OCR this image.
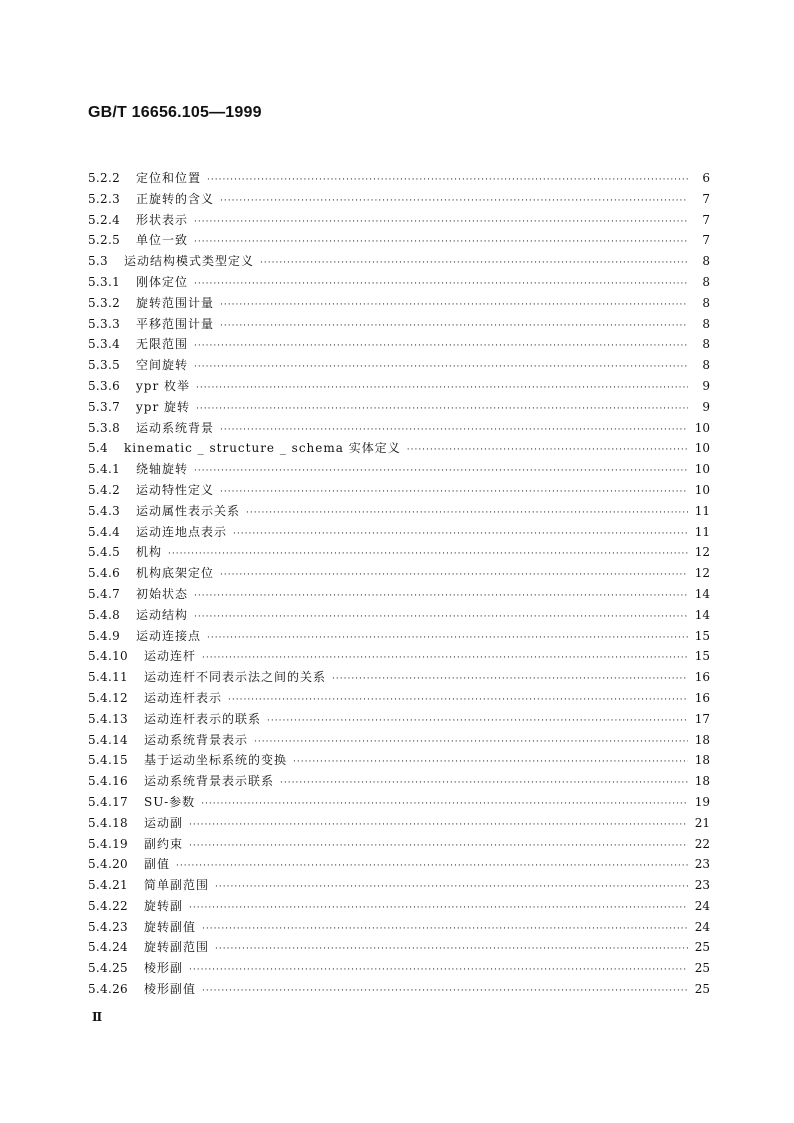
GB/T 16656.105—1999
5.2.2	定位和位置 ·····	6
5.2.3	正旋转的含义 ·····	7
5.2.4	形状表示 ·····	7
5.2.5	单位一致 ·····	7
5.3	运动结构模式类型定义 ·····	8
5.3.1	刚体定位 ·····	8
5.3.2	旋转范围计量 ·····	8
5.3.3	平移范围计量 ·····	8
5.3.4	无限范围 ·····	8
5.3.5	空间旋转 ·····	8
5.3.6	ypr 枚举 ·····	9
5.3.7	ypr 旋转 ·····	9
5.3.8	运动系统背景 ·····	10
5.4	kinematic _ structure _ schema 实体定义 ·····	10
5.4.1	绕轴旋转 ·····	10
5.4.2	运动特性定义 ·····	10
5.4.3	运动属性表示关系 ·····	11
5.4.4	运动连地点表示 ·····	11
5.4.5	机构 ·····	12
5.4.6	机构底架定位 ·····	12
5.4.7	初始状态 ·····	14
5.4.8	运动结构 ·····	14
5.4.9	运动连接点 ·····	15
5.4.10	运动连杆 ·····	15
5.4.11	运动连杆不同表示法之间的关系 ·····	16
5.4.12	运动连杆表示 ·····	16
5.4.13	运动连杆表示的联系 ·····	17
5.4.14	运动系统背景表示 ·····	18
5.4.15	基于运动坐标系统的变换 ·····	18
5.4.16	运动系统背景表示联系 ·····	18
5.4.17	SU-参数 ·····	19
5.4.18	运动副 ·····	21
5.4.19	副约束 ·····	22
5.4.20	副值 ·····	23
5.4.21	简单副范围 ·····	23
5.4.22	旋转副 ·····	24
5.4.23	旋转副值 ·····	24
5.4.24	旋转副范围 ·····	25
5.4.25	棱形副 ·····	25
5.4.26	棱形副值 ·····	25
Ⅱ
